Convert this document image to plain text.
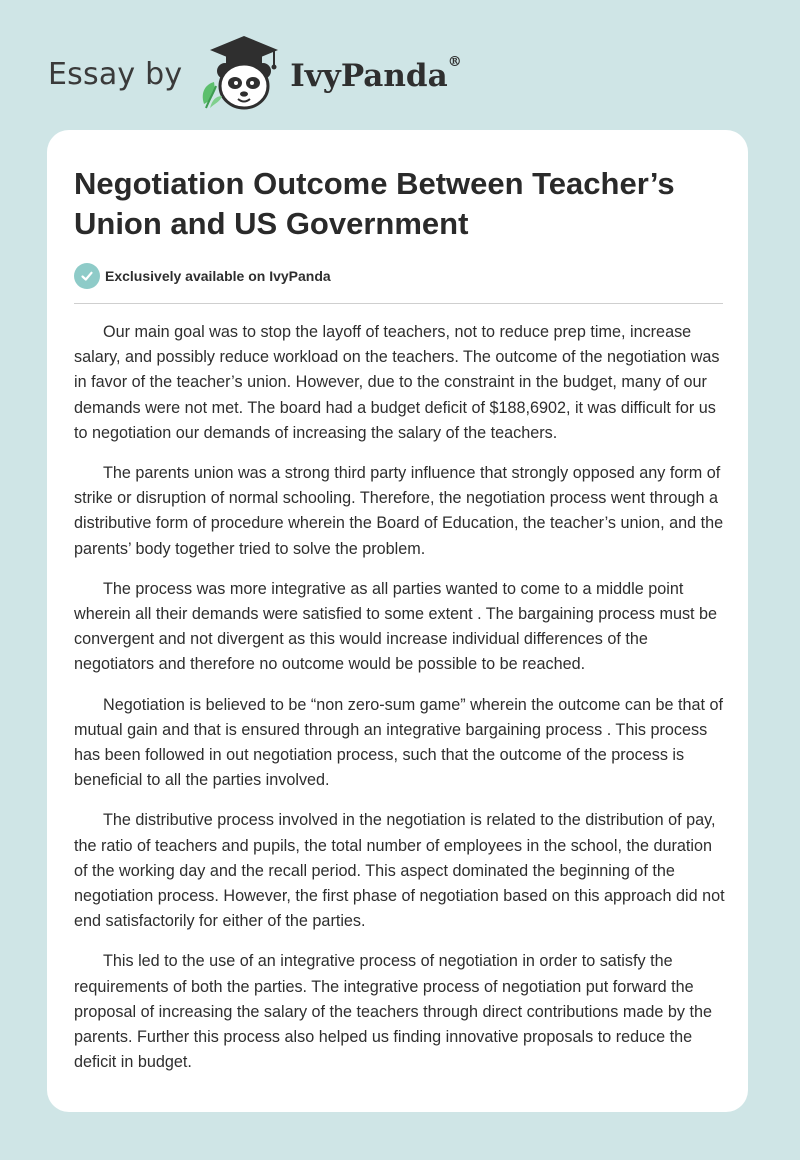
Essay by	IvyPanda®
Negotiation Outcome Between Teacher’s Union and US Government
Exclusively available on IvyPanda

Our main goal was to stop the layoff of teachers, not to reduce prep time, increase salary, and possibly reduce workload on the teachers. The outcome of the negotiation was in favor of the teacher’s union. However, due to the constraint in the budget, many of our demands were not met. The board had a budget deficit of $188,6902, it was difficult for us to negotiation our demands of increasing the salary of the teachers.

The parents union was a strong third party influence that strongly opposed any form of strike or disruption of normal schooling. Therefore, the negotiation process went through a distributive form of procedure wherein the Board of Education, the teacher’s union, and the parents’ body together tried to solve the problem.

The process was more integrative as all parties wanted to come to a middle point wherein all their demands were satisfied to some extent . The bargaining process must be convergent and not divergent as this would increase individual differences of the negotiators and therefore no outcome would be possible to be reached.

Negotiation is believed to be “non zero-sum game” wherein the outcome can be that of mutual gain and that is ensured through an integrative bargaining process . This process has been followed in out negotiation process, such that the outcome of the process is beneficial to all the parties involved.

The distributive process involved in the negotiation is related to the distribution of pay, the ratio of teachers and pupils, the total number of employees in the school, the duration of the working day and the recall period. This aspect dominated the beginning of the negotiation process. However, the first phase of negotiation based on this approach did not end satisfactorily for either of the parties.

This led to the use of an integrative process of negotiation in order to satisfy the requirements of both the parties. The integrative process of negotiation put forward the proposal of increasing the salary of the teachers through direct contributions made by the parents. Further this process also helped us finding innovative proposals to reduce the deficit in budget.
